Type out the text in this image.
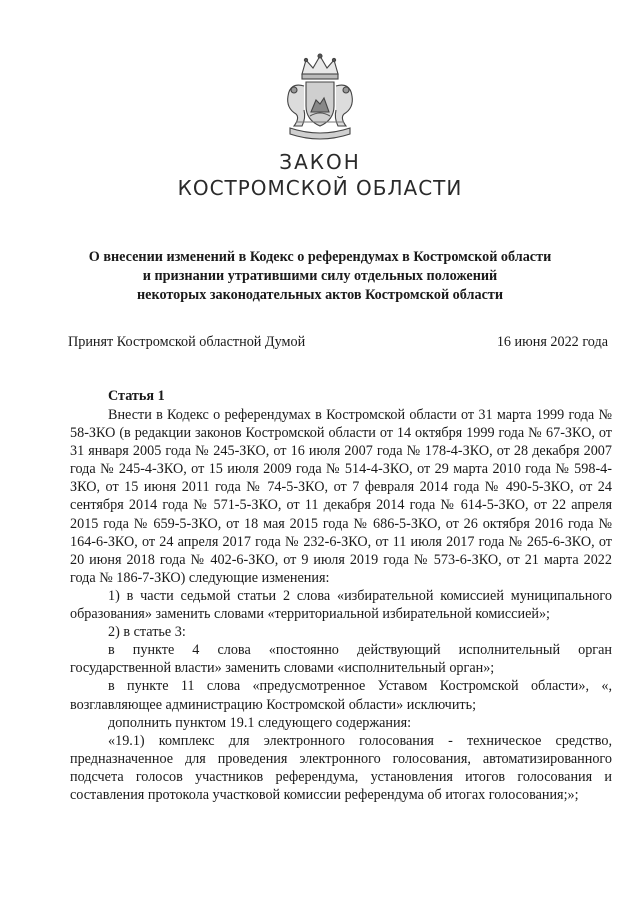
ЗАКОН
КОСТРОМСКОЙ ОБЛАСТИ
О внесении изменений в Кодекс о референдумах в Костромской области
и признании утратившими силу отдельных положений
некоторых законодательных актов Костромской области
Принят Костромской областной Думой	16 июня 2022 года
Статья 1

Внести в Кодекс о референдумах в Костромской области от 31 марта 1999 года № 58-ЗКО (в редакции законов Костромской области от 14 октября 1999 года № 67-ЗКО, от 31 января 2005 года № 245-ЗКО, от 16 июля 2007 года № 178-4-ЗКО, от 28 декабря 2007 года № 245-4-ЗКО, от 15 июля 2009 года № 514-4-ЗКО, от 29 марта 2010 года № 598-4-ЗКО, от 15 июня 2011 года № 74-5-ЗКО, от 7 февраля 2014 года № 490-5-ЗКО, от 24 сентября 2014 года № 571-5-ЗКО, от 11 декабря 2014 года № 614-5-ЗКО, от 22 апреля 2015 года № 659-5-ЗКО, от 18 мая 2015 года № 686-5-ЗКО, от 26 октября 2016 года № 164-6-ЗКО, от 24 апреля 2017 года № 232-6-ЗКО, от 11 июля 2017 года № 265-6-ЗКО, от 20 июня 2018 года № 402-6-ЗКО, от 9 июля 2019 года № 573-6-ЗКО, от 21 марта 2022 года № 186-7-ЗКО) следующие изменения:

1) в части седьмой статьи 2 слова «избирательной комиссией муниципального образования» заменить словами «территориальной избирательной комиссией»;

2) в статье 3:

в пункте 4 слова «постоянно действующий исполнительный орган государственной власти» заменить словами «исполнительный орган»;

в пункте 11 слова «предусмотренное Уставом Костромской области», «, возглавляющее администрацию Костромской области» исключить;

дополнить пунктом 19.1 следующего содержания:

«19.1) комплекс для электронного голосования - техническое средство, предназначенное для проведения электронного голосования, автоматизированного подсчета голосов участников референдума, установления итогов голосования и составления протокола участковой комиссии референдума об итогах голосования;»;
